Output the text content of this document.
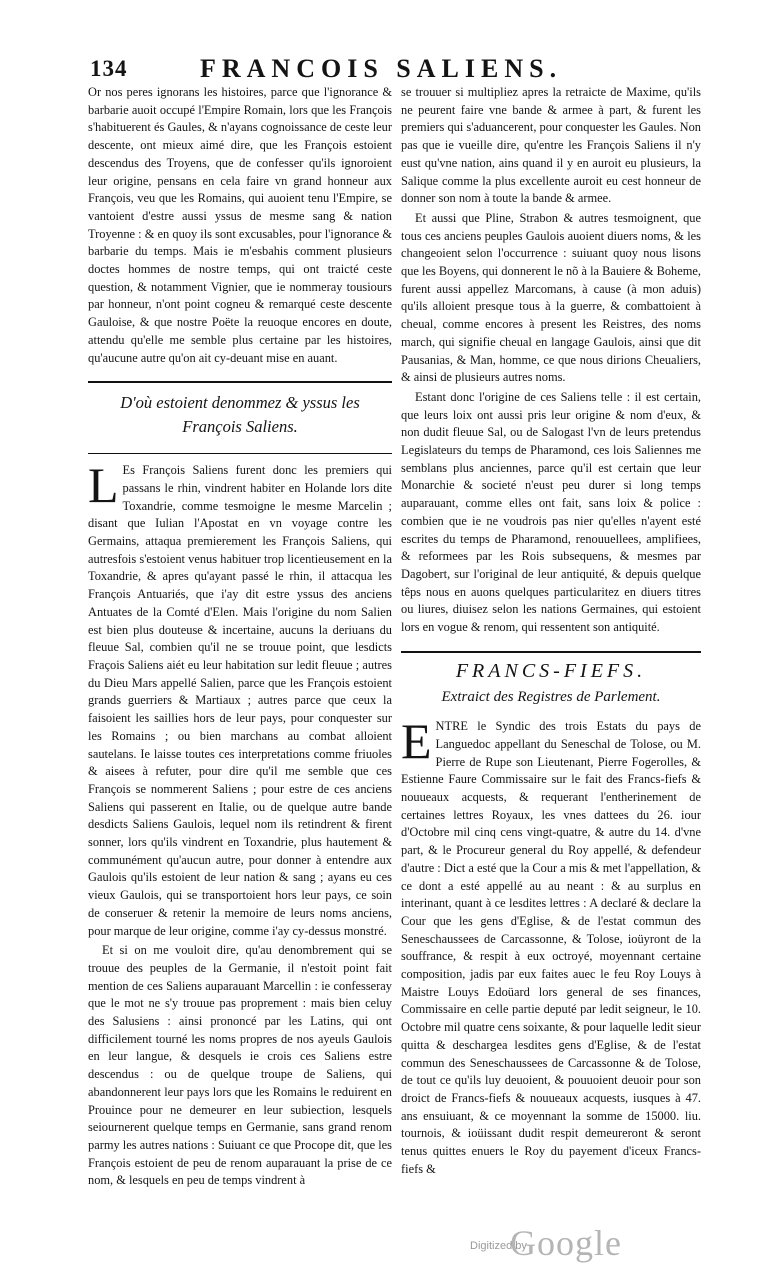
134	FRANCOIS SALIENS.

Or nos peres ignorans les histoires, parce que l'ignorance & barbarie auoit occupé l'Empire Romain, lors que les François s'habituerent és Gaules, & n'ayans cognoissance de ceste leur descente, ont mieux aimé dire, que les François estoient descendus des Troyens, que de confesser qu'ils ignoroient leur origine, pensans en cela faire vn grand honneur aux François, veu que les Romains, qui auoient tenu l'Empire, se vantoient d'estre aussi yssus de mesme sang & nation Troyenne : & en quoy ils sont excusables, pour l'ignorance & barbarie du temps. Mais ie m'esbahis comment plusieurs doctes hommes de nostre temps, qui ont traicté ceste question, & notamment Vignier, que ie nommeray tousiours par honneur, n'ont point cogneu & remarqué ceste descente Gauloise, & que nostre Poëte la reuoque encores en doute, attendu qu'elle me semble plus certaine par les histoires, qu'aucune autre qu'on ait cy-deuant mise en auant.

D'où estoient denommez & yssus les François Saliens.

L Es François Saliens furent donc les premiers qui passans le rhin, vindrent habiter en Holande lors dite Toxandrie, comme tesmoigne le mesme Marcelin ; disant que Iulian l'Apostat en vn voyage contre les Germains, attaqua premierement les François Saliens, qui autresfois s'estoient venus habituer trop licentieusement en la Toxandrie, & apres qu'ayant passé le rhin, il attacqua les François Antuariés, que i'ay dit estre yssus des anciens Antuates de la Comté d'Elen. Mais l'origine du nom Salien est bien plus douteuse & incertaine, aucuns la deriuans du fleuue Sal, combien qu'il ne se trouue point, que lesdicts Fraçois Saliens aiét eu leur habitation sur ledit fleuue ; autres du Dieu Mars appellé Salien, parce que les François estoient grands guerriers & Martiaux ; autres parce que ceux la faisoient les saillies hors de leur pays, pour conquester sur les Romains ; ou bien marchans au combat alloient sautelans. Ie laisse toutes ces interpretations comme friuoles & aisees à refuter, pour dire qu'il me semble que ces François se nommerent Saliens ; pour estre de ces anciens Saliens qui passerent en Italie, ou de quelque autre bande desdicts Saliens Gaulois, lequel nom ils retindrent & firent sonner, lors qu'ils vindrent en Toxandrie, plus hautement & communément qu'aucun autre, pour donner à entendre aux Gaulois qu'ils estoient de leur nation & sang ; ayans eu ces vieux Gaulois, qui se transportoient hors leur pays, ce soin de conseruer & retenir la memoire de leurs noms anciens, pour marque de leur origine, comme i'ay cy-dessus monstré.

Et si on me vouloit dire, qu'au denombrement qui se trouue des peuples de la Germanie, il n'estoit point fait mention de ces Saliens auparauant Marcellin : ie confesseray que le mot ne s'y trouue pas proprement : mais bien celuy des Salusiens : ainsi prononcé par les Latins, qui ont difficilement tourné les noms propres de nos ayeuls Gaulois en leur langue, & desquels ie crois ces Saliens estre descendus : ou de quelque troupe de Saliens, qui abandonnerent leur pays lors que les Romains le reduirent en Prouince pour ne demeurer en leur subiection, lesquels seiournerent quelque temps en Germanie, sans grand renom parmy les autres nations : Suiuant ce que Procope dit, que les François estoient de peu de renom auparauant la prise de ce nom, & lesquels en peu de temps vindrent à

se trouuer si multipliez apres la retraicte de Maxime, qu'ils ne peurent faire vne bande & armee à part, & furent les premiers qui s'aduancerent, pour conquester les Gaules. Non pas que ie vueille dire, qu'entre les François Saliens il n'y eust qu'vne nation, ains quand il y en auroit eu plusieurs, la Salique comme la plus excellente auroit eu cest honneur de donner son nom à toute la bande & armee.

Et aussi que Pline, Strabon & autres tesmoignent, que tous ces anciens peuples Gaulois auoient diuers noms, & les changeoient selon l'occurrence : suiuant quoy nous lisons que les Boyens, qui donnerent le nõ à la Bauiere & Boheme, furent aussi appellez Marcomans, à cause (à mon aduis) qu'ils alloient presque tous à la guerre, & combattoient à cheual, comme encores à present les Reistres, des noms march, qui signifie cheual en langage Gaulois, ainsi que dit Pausanias, & Man, homme, ce que nous dirions Cheualiers, & ainsi de plusieurs autres noms.

Estant donc l'origine de ces Saliens telle : il est certain, que leurs loix ont aussi pris leur origine & nom d'eux, & non dudit fleuue Sal, ou de Salogast l'vn de leurs pretendus Legislateurs du temps de Pharamond, ces lois Saliennes me semblans plus anciennes, parce qu'il est certain que leur Monarchie & societé n'eust peu durer si long temps auparauant, comme elles ont fait, sans loix & police : combien que ie ne voudrois pas nier qu'elles n'ayent esté escrites du temps de Pharamond, renouuellees, amplifiees, & reformees par les Rois subsequens, & mesmes par Dagobert, sur l'original de leur antiquité, & depuis quelque têps nous en auons quelques particularitez en diuers titres ou liures, diuisez selon les nations Germaines, qui estoient lors en vogue & renom, qui ressentent son antiquité.

FRANCS-FIEFS.
Extraict des Registres de Parlement.

ENTRE le Syndic des trois Estats du pays de Languedoc appellant du Seneschal de Tolose, ou M. Pierre de Rupe son Lieutenant, Pierre Fogerolles, & Estienne Faure Commissaire sur le fait des Francs-fiefs & nouueaux acquests, & requerant l'entherinement de certaines lettres Royaux, les vnes dattees du 26. iour d'Octobre mil cinq cens vingt-quatre, & autre du 14. d'vne part, & le Procureur general du Roy appellé, & defendeur d'autre : Dict a esté que la Cour a mis & met l'appellation, & ce dont a esté appellé au au neant : & au surplus en interinant, quant à ce lesdites lettres : A declaré & declare la Cour que les gens d'Eglise, & de l'estat commun des Seneschaussees de Carcassonne, & Tolose, ioüyront de la souffrance, & respit à eux octroyé, moyennant certaine composition, jadis par eux faites auec le feu Roy Louys à Maistre Louys Edoüard lors general de ses finances, Commissaire en celle partie deputé par ledit seigneur, le 10. Octobre mil quatre cens soixante, & pour laquelle ledit sieur quitta & deschargea lesdites gens d'Eglise, & de l'estat commun des Seneschaussees de Carcassonne & de Tolose, de tout ce qu'ils luy deuoient, & pouuoient deuoir pour son droict de Francs-fiefs & nouueaux acquests, iusques à 47. ans ensuiuant, & ce moyennant la somme de 15000. liu. tournois, & ioüissant dudit respit demeureront & seront tenus quittes enuers le Roy du payement d'iceux Francs-fiefs &

Digitized by
Google
